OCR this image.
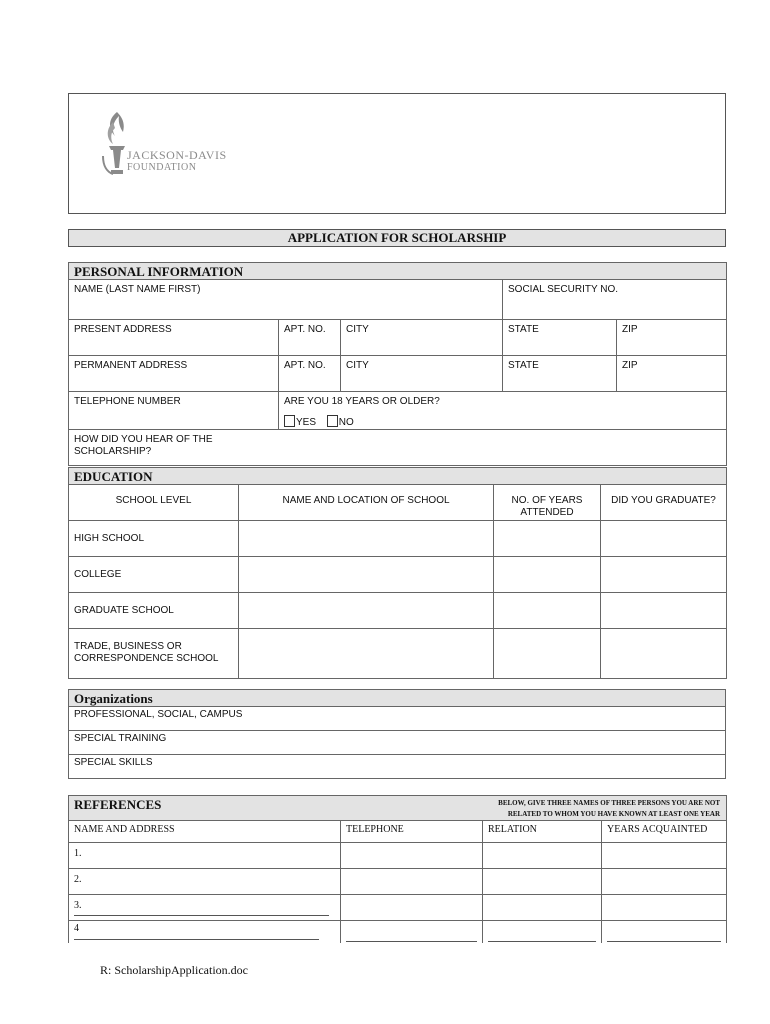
JACKSON-DAVIS
FOUNDATION
APPLICATION FOR SCHOLARSHIP
PERSONAL INFORMATION				
NAME (LAST NAME FIRST)			SOCIAL SECURITY NO.	
PRESENT ADDRESS	APT. NO.	CITY	STATE	ZIP
PERMANENT ADDRESS	APT. NO.	CITY	STATE	ZIP
TELEPHONE NUMBER	ARE YOU 18 YEARS OR OLDER?
YES NO			

HOW DID YOU HEAR OF THE SCHOLARSHIP?				
EDUCATION			
SCHOOL LEVEL	NAME AND LOCATION OF SCHOOL	NO. OF YEARS ATTENDED	DID YOU GRADUATE?
HIGH SCHOOL			
COLLEGE			
GRADUATE SCHOOL			
TRADE, BUSINESS OR CORRESPONDENCE SCHOOL			
Organizations
PROFESSIONAL, SOCIAL, CAMPUS
SPECIAL TRAINING
SPECIAL SKILLS
REFERENCES		BELOW, GIVE THREE NAMES OF THREE PERSONS YOU ARE NOT RELATED TO WHOM YOU HAVE KNOWN AT LEAST ONE YEAR	

NAME AND ADDRESS	TELEPHONE	RELATION	YEARS ACQUAINTED
1.			
2.			
3.

4

R: ScholarshipApplication.doc
